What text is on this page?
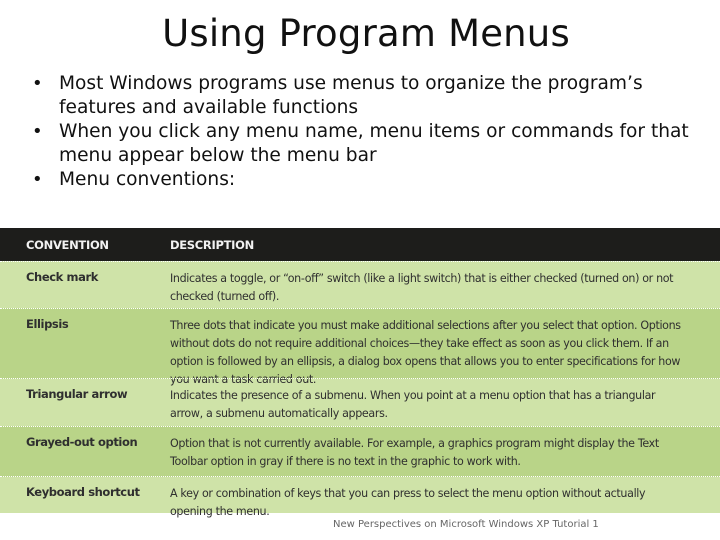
Using Program Menus
• Most Windows programs use menus to organize the program’s features and available functions
• When you click any menu name, menu items or commands for that menu appear below the menu bar
• Menu conventions:
CONVENTION	DESCRIPTION
Check mark	Indicates a toggle, or “on-off” switch (like a light switch) that is either checked (turned on) or not checked (turned off).
Ellipsis	Three dots that indicate you must make additional selections after you select that option. Options without dots do not require additional choices—they take effect as soon as you click them. If an option is followed by an ellipsis, a dialog box opens that allows you to enter specifications for how you want a task carried out.
Triangular arrow	Indicates the presence of a submenu. When you point at a menu option that has a triangular arrow, a submenu automatically appears.
Grayed-out option	Option that is not currently available. For example, a graphics program might display the Text Toolbar option in gray if there is no text in the graphic to work with.
Keyboard shortcut	A key or combination of keys that you can press to select the menu option without actually opening the menu.
New Perspectives on Microsoft Windows XP Tutorial 1
